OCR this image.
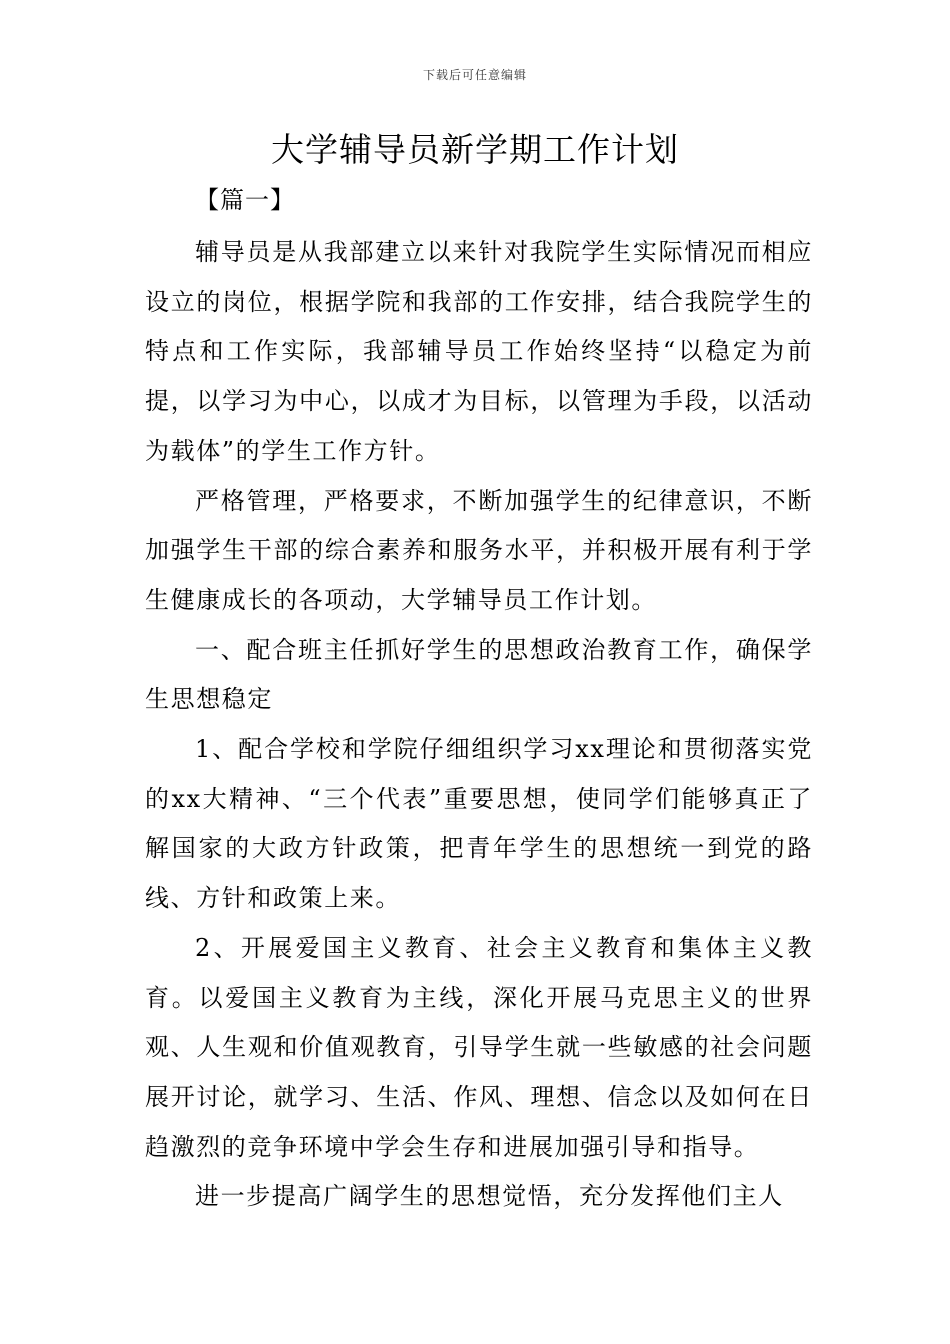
下载后可任意编辑
大学辅导员新学期工作计划
【篇一】

辅导员是从我部建立以来针对我院学生实际情况而相应设立的岗位，根据学院和我部的工作安排，结合我院学生的特点和工作实际，我部辅导员工作始终坚持“以稳定为前提，以学习为中心，以成才为目标，以管理为手段，以活动为载体”的学生工作方针。

严格管理，严格要求，不断加强学生的纪律意识，不断加强学生干部的综合素养和服务水平，并积极开展有利于学生健康成长的各项动，大学辅导员工作计划。

一、配合班主任抓好学生的思想政治教育工作，确保学生思想稳定

1、配合学校和学院仔细组织学习xx理论和贯彻落实党的xx大精神、“三个代表”重要思想，使同学们能够真正了解国家的大政方针政策，把青年学生的思想统一到党的路线、方针和政策上来。

2、开展爱国主义教育、社会主义教育和集体主义教育。以爱国主义教育为主线，深化开展马克思主义的世界观、人生观和价值观教育，引导学生就一些敏感的社会问题展开讨论，就学习、生活、作风、理想、信念以及如何在日趋激烈的竞争环境中学会生存和进展加强引导和指导。

进一步提高广阔学生的思想觉悟，充分发挥他们主人
